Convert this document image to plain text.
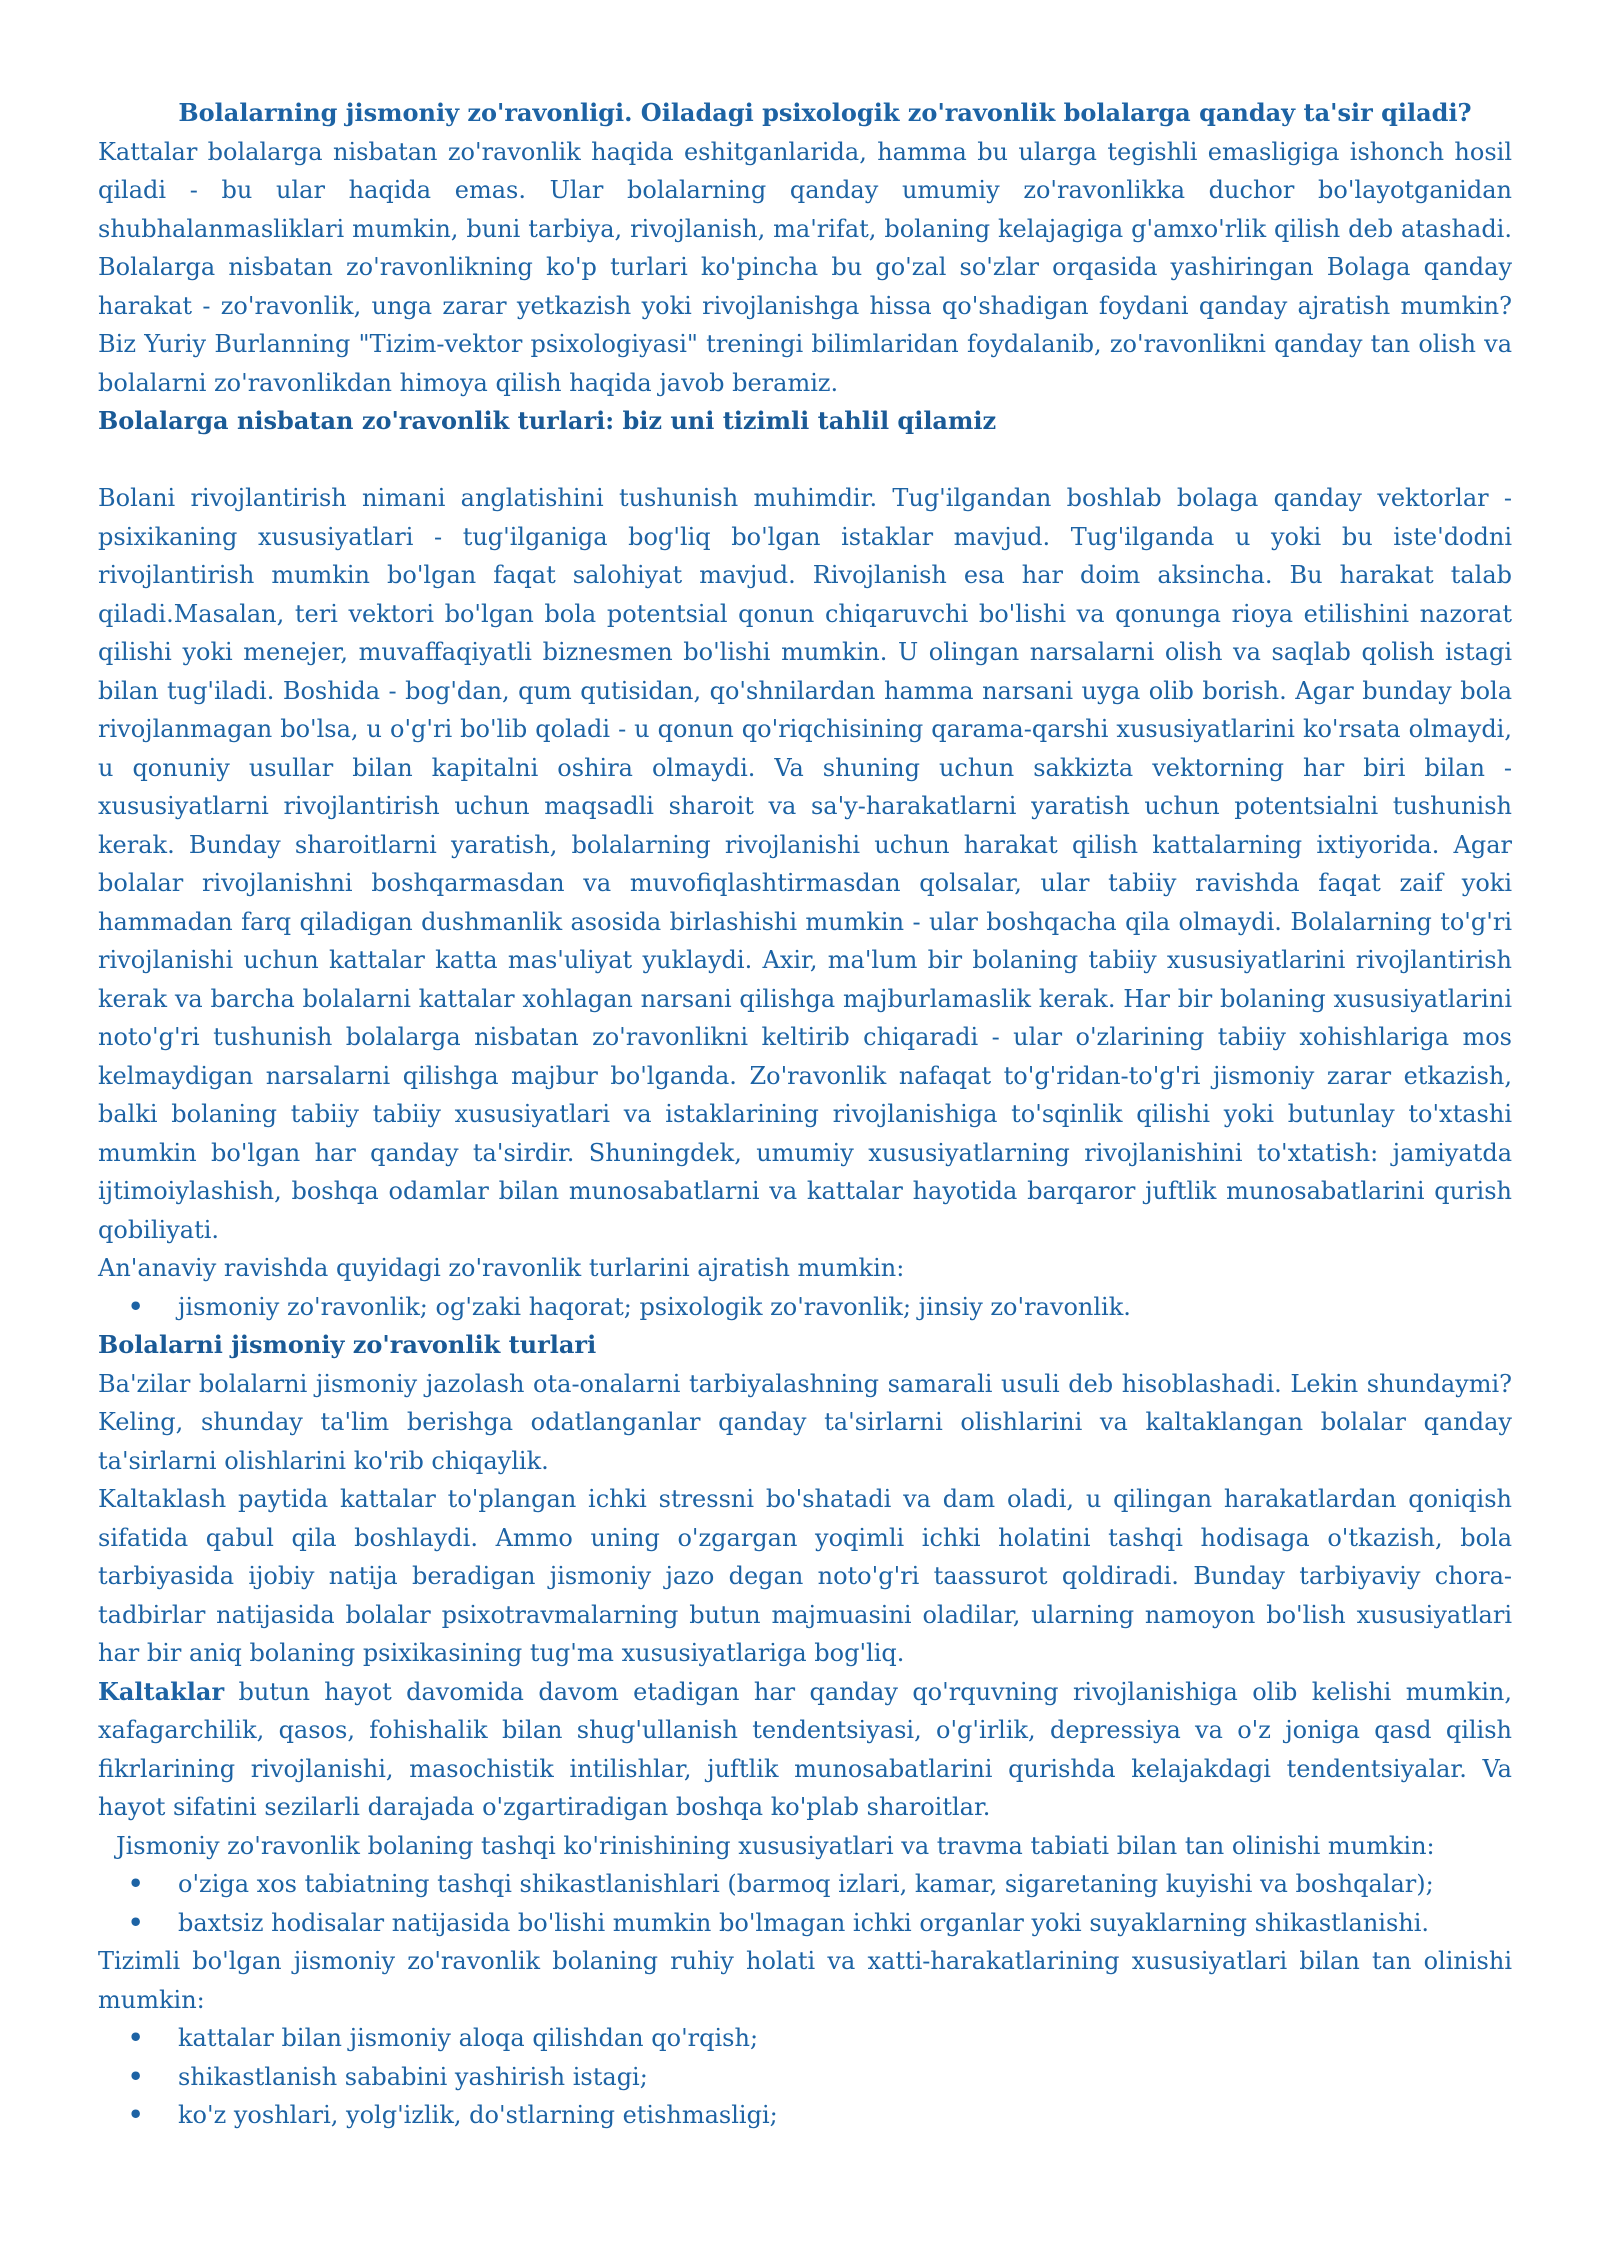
Bolalarning jismoniy zo'ravonligi. Oiladagi psixologik zo'ravonlik bolalarga qanday ta'sir qiladi?

Kattalar bolalarga nisbatan zo'ravonlik haqida eshitganlarida, hamma bu ularga tegishli emasligiga ishonch hosil qiladi - bu ular haqida emas. Ular bolalarning qanday umumiy zo'ravonlikka duchor bo'layotganidan shubhalanmasliklari mumkin, buni tarbiya, rivojlanish, ma'rifat, bolaning kelajagiga g'amxo'rlik qilish deb atashadi. Bolalarga nisbatan zo'ravonlikning ko'p turlari ko'pincha bu go'zal so'zlar orqasida yashiringan Bolaga qanday harakat - zo'ravonlik, unga zarar yetkazish yoki rivojlanishga hissa qo'shadigan foydani qanday ajratish mumkin? Biz Yuriy Burlanning "Tizim-vektor psixologiyasi" treningi bilimlaridan foydalanib, zo'ravonlikni qanday tan olish va bolalarni zo'ravonlikdan himoya qilish haqida javob beramiz.

Bolalarga nisbatan zo'ravonlik turlari: biz uni tizimli tahlil qilamiz

Bolani rivojlantirish nimani anglatishini tushunish muhimdir. Tug'ilgandan boshlab bolaga qanday vektorlar - psixikaning xususiyatlari - tug'ilganiga bog'liq bo'lgan istaklar mavjud. Tug'ilganda u yoki bu iste'dodni rivojlantirish mumkin bo'lgan faqat salohiyat mavjud. Rivojlanish esa har doim aksincha. Bu harakat talab qiladi.Masalan, teri vektori bo'lgan bola potentsial qonun chiqaruvchi bo'lishi va qonunga rioya etilishini nazorat qilishi yoki menejer, muvaffaqiyatli biznesmen bo'lishi mumkin. U olingan narsalarni olish va saqlab qolish istagi bilan tug'iladi. Boshida - bog'dan, qum qutisidan, qo'shnilardan hamma narsani uyga olib borish. Agar bunday bola rivojlanmagan bo'lsa, u o'g'ri bo'lib qoladi - u qonun qo'riqchisining qarama-qarshi xususiyatlarini ko'rsata olmaydi, u qonuniy usullar bilan kapitalni oshira olmaydi. Va shuning uchun sakkizta vektorning har biri bilan - xususiyatlarni rivojlantirish uchun maqsadli sharoit va sa'y-harakatlarni yaratish uchun potentsialni tushunish kerak. Bunday sharoitlarni yaratish, bolalarning rivojlanishi uchun harakat qilish kattalarning ixtiyorida. Agar bolalar rivojlanishni boshqarmasdan va muvofiqlashtirmasdan qolsalar, ular tabiiy ravishda faqat zaif yoki hammadan farq qiladigan dushmanlik asosida birlashishi mumkin - ular boshqacha qila olmaydi. Bolalarning to'g'ri rivojlanishi uchun kattalar katta mas'uliyat yuklaydi. Axir, ma'lum bir bolaning tabiiy xususiyatlarini rivojlantirish kerak va barcha bolalarni kattalar xohlagan narsani qilishga majburlamaslik kerak. Har bir bolaning xususiyatlarini noto'g'ri tushunish bolalarga nisbatan zo'ravonlikni keltirib chiqaradi - ular o'zlarining tabiiy xohishlariga mos kelmaydigan narsalarni qilishga majbur bo'lganda. Zo'ravonlik nafaqat to'g'ridan-to'g'ri jismoniy zarar etkazish, balki bolaning tabiiy tabiiy xususiyatlari va istaklarining rivojlanishiga to'sqinlik qilishi yoki butunlay to'xtashi mumkin bo'lgan har qanday ta'sirdir. Shuningdek, umumiy xususiyatlarning rivojlanishini to'xtatish: jamiyatda ijtimoiylashish, boshqa odamlar bilan munosabatlarni va kattalar hayotida barqaror juftlik munosabatlarini qurish qobiliyati.

An'anaviy ravishda quyidagi zo'ravonlik turlarini ajratish mumkin:

• jismoniy zo'ravonlik; og'zaki haqorat; psixologik zo'ravonlik; jinsiy zo'ravonlik.

Bolalarni jismoniy zo'ravonlik turlari

Ba'zilar bolalarni jismoniy jazolash ota-onalarni tarbiyalashning samarali usuli deb hisoblashadi. Lekin shundaymi? Keling, shunday ta'lim berishga odatlanganlar qanday ta'sirlarni olishlarini va kaltaklangan bolalar qanday ta'sirlarni olishlarini ko'rib chiqaylik.

Kaltaklash paytida kattalar to'plangan ichki stressni bo'shatadi va dam oladi, u qilingan harakatlardan qoniqish sifatida qabul qila boshlaydi. Ammo uning o'zgargan yoqimli ichki holatini tashqi hodisaga o'tkazish, bola tarbiyasida ijobiy natija beradigan jismoniy jazo degan noto'g'ri taassurot qoldiradi. Bunday tarbiyaviy chora-tadbirlar natijasida bolalar psixotravmalarning butun majmuasini oladilar, ularning namoyon bo'lish xususiyatlari har bir aniq bolaning psixikasining tug'ma xususiyatlariga bog'liq.

Kaltaklar butun hayot davomida davom etadigan har qanday qo'rquvning rivojlanishiga olib kelishi mumkin, xafagarchilik, qasos, fohishalik bilan shug'ullanish tendentsiyasi, o'g'irlik, depressiya va o'z joniga qasd qilish fikrlarining rivojlanishi, masochistik intilishlar, juftlik munosabatlarini qurishda kelajakdagi tendentsiyalar. Va hayot sifatini sezilarli darajada o'zgartiradigan boshqa ko'plab sharoitlar.

Jismoniy zo'ravonlik bolaning tashqi ko'rinishining xususiyatlari va travma tabiati bilan tan olinishi mumkin:

• o'ziga xos tabiatning tashqi shikastlanishlari (barmoq izlari, kamar, sigaretaning kuyishi va boshqalar);
• baxtsiz hodisalar natijasida bo'lishi mumkin bo'lmagan ichki organlar yoki suyaklarning shikastlanishi.

Tizimli bo'lgan jismoniy zo'ravonlik bolaning ruhiy holati va xatti-harakatlarining xususiyatlari bilan tan olinishi mumkin:

• kattalar bilan jismoniy aloqa qilishdan qo'rqish;
• shikastlanish sababini yashirish istagi;
• ko'z yoshlari, yolg'izlik, do'stlarning etishmasligi;
